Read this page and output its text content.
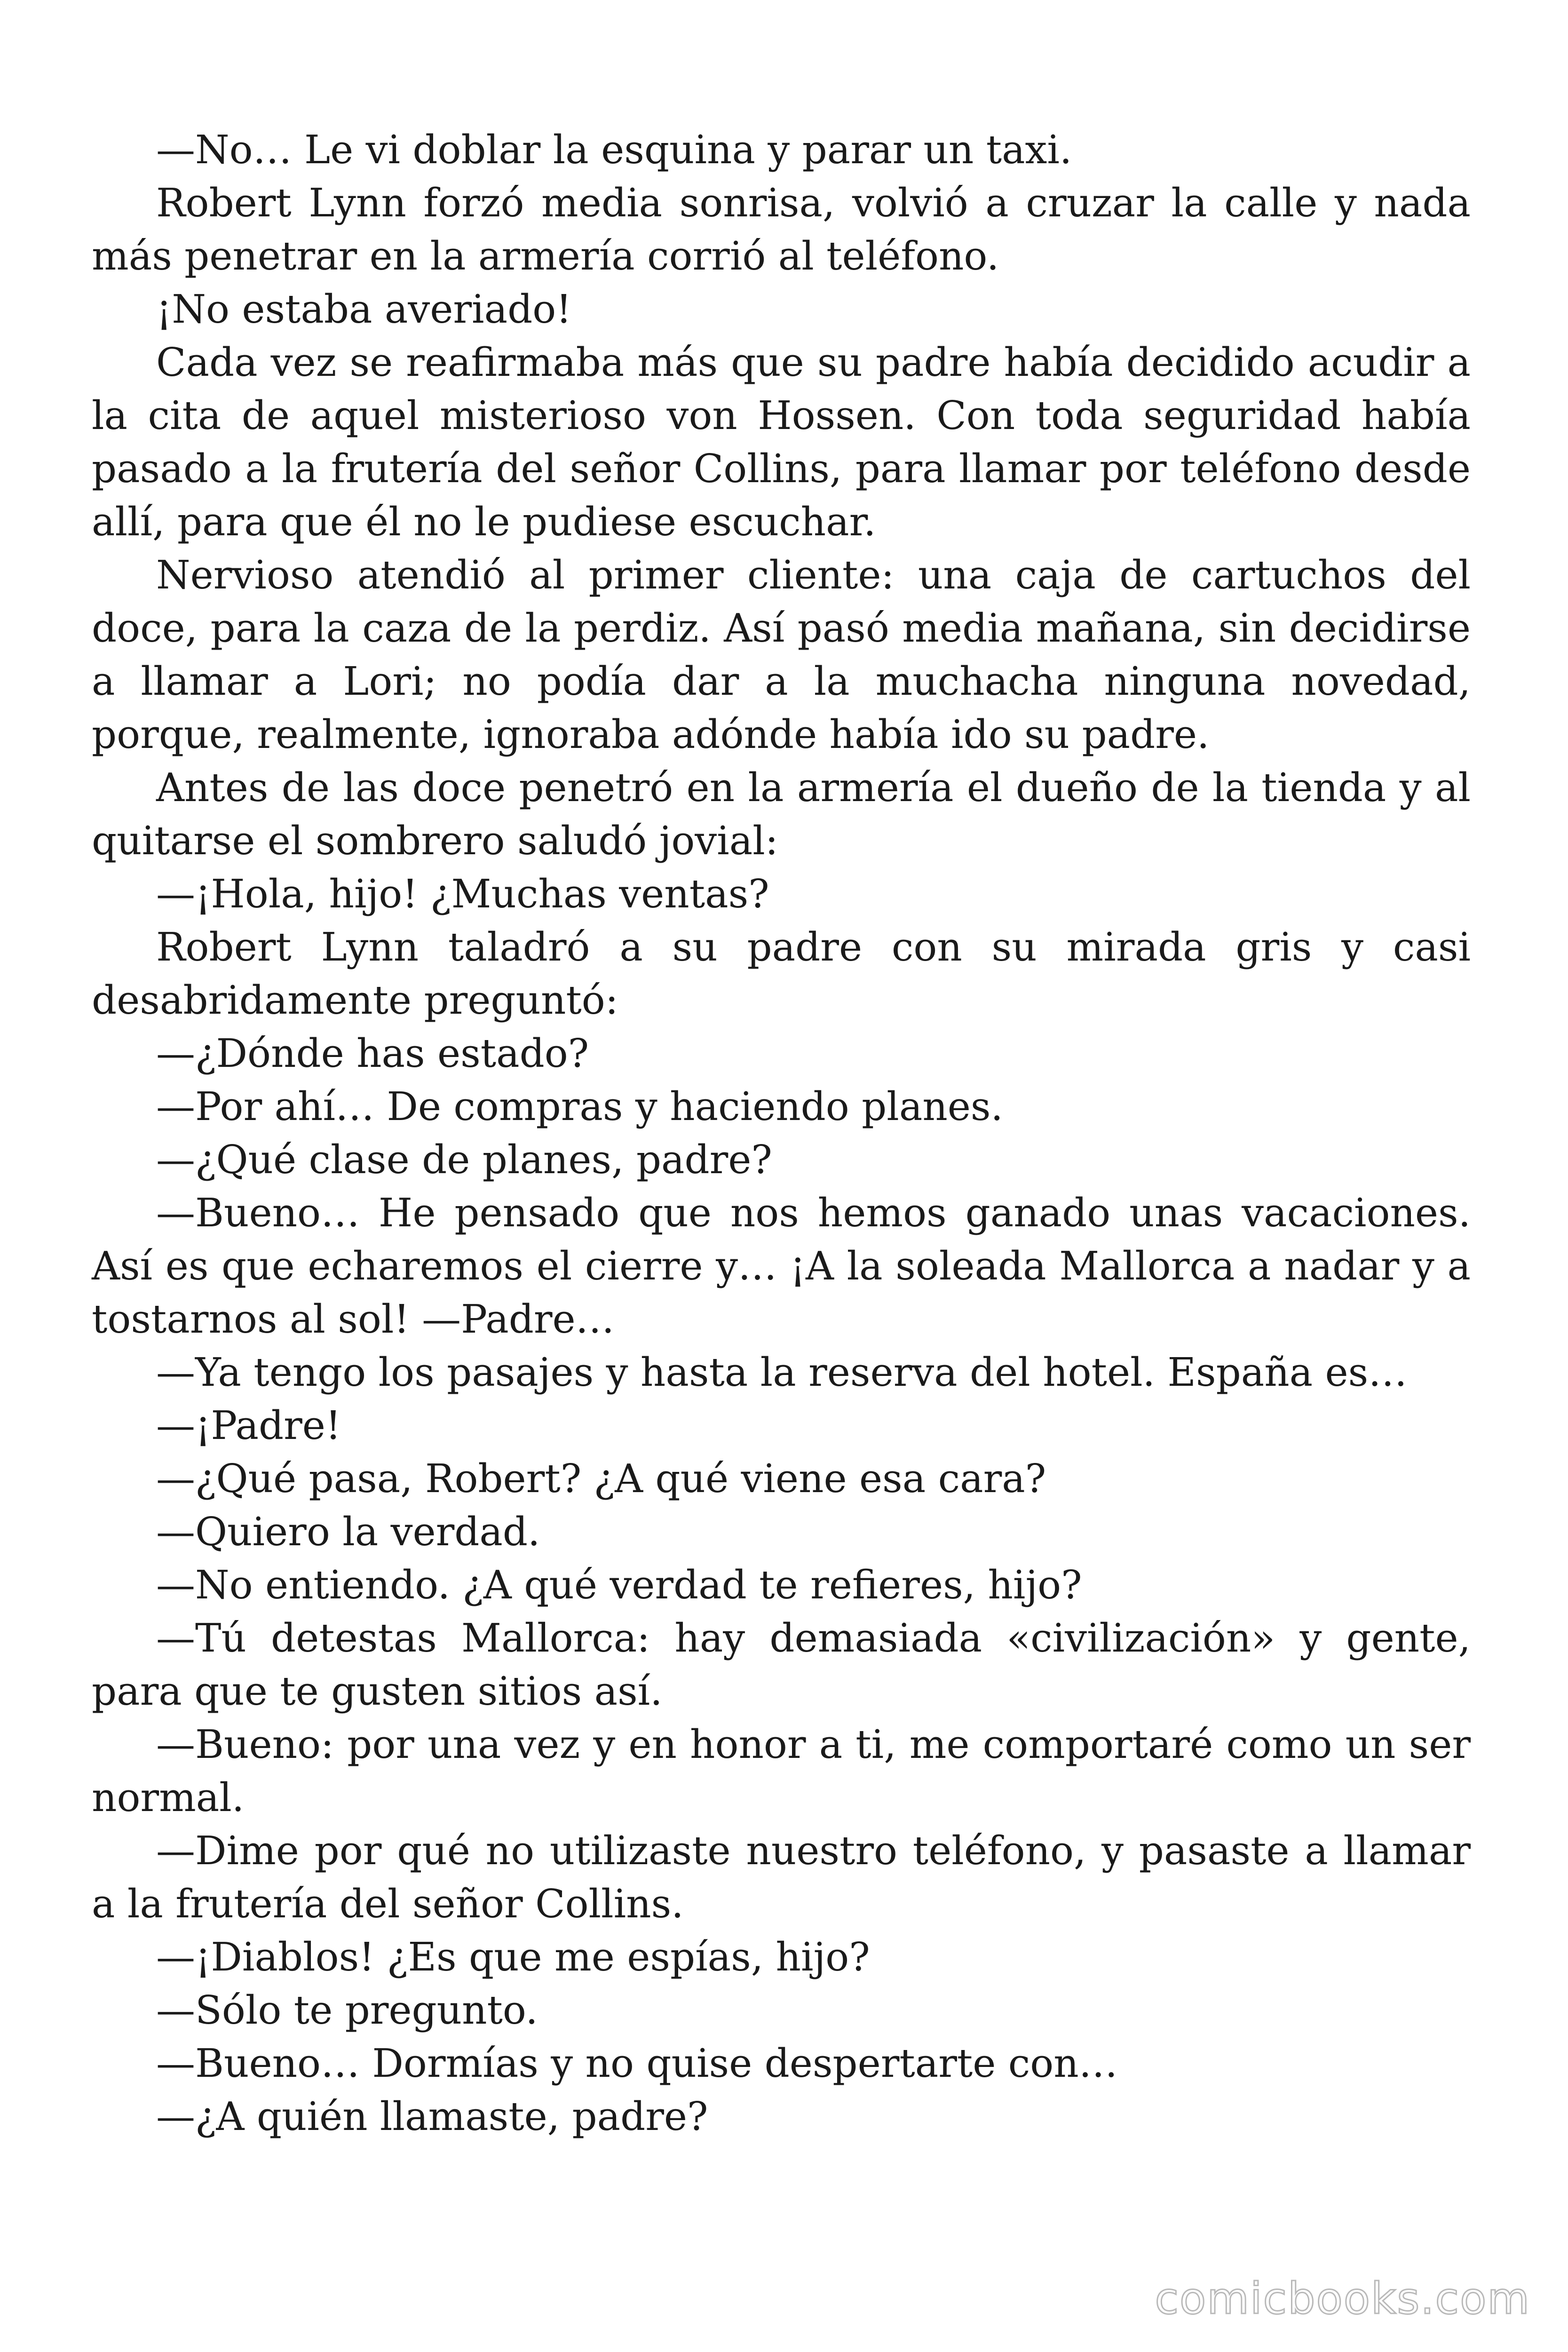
—No… Le vi doblar la esquina y parar un taxi.

Robert Lynn forzó media sonrisa, volvió a cruzar la calle y nada más penetrar en la armería corrió al teléfono.

¡No estaba averiado!

Cada vez se reafirmaba más que su padre había decidido acudir a la cita de aquel misterioso von Hossen. Con toda seguridad había pasado a la frutería del señor Collins, para llamar por teléfono desde allí, para que él no le pudiese escuchar.

Nervioso atendió al primer cliente: una caja de cartuchos del doce, para la caza de la perdiz. Así pasó media mañana, sin decidirse a llamar a Lori; no podía dar a la muchacha ninguna novedad, porque, realmente, ignoraba adónde había ido su padre.

Antes de las doce penetró en la armería el dueño de la tienda y al quitarse el sombrero saludó jovial:

—¡Hola, hijo! ¿Muchas ventas?

Robert Lynn taladró a su padre con su mirada gris y casi desabridamente preguntó:

—¿Dónde has estado?

—Por ahí… De compras y haciendo planes.

—¿Qué clase de planes, padre?

—Bueno… He pensado que nos hemos ganado unas vacaciones. Así es que echaremos el cierre y… ¡A la soleada Mallorca a nadar y a tostarnos al sol! —Padre…

—Ya tengo los pasajes y hasta la reserva del hotel. España es…

—¡Padre!

—¿Qué pasa, Robert? ¿A qué viene esa cara?

—Quiero la verdad.

—No entiendo. ¿A qué verdad te refieres, hijo?

—Tú detestas Mallorca: hay demasiada «civilización» y gente, para que te gusten sitios así.

—Bueno: por una vez y en honor a ti, me comportaré como un ser normal.

—Dime por qué no utilizaste nuestro teléfono, y pasaste a llamar a la frutería del señor Collins.

—¡Diablos! ¿Es que me espías, hijo?

—Sólo te pregunto.

—Bueno… Dormías y no quise despertarte con…

—¿A quién llamaste, padre?

comicbooks.com
